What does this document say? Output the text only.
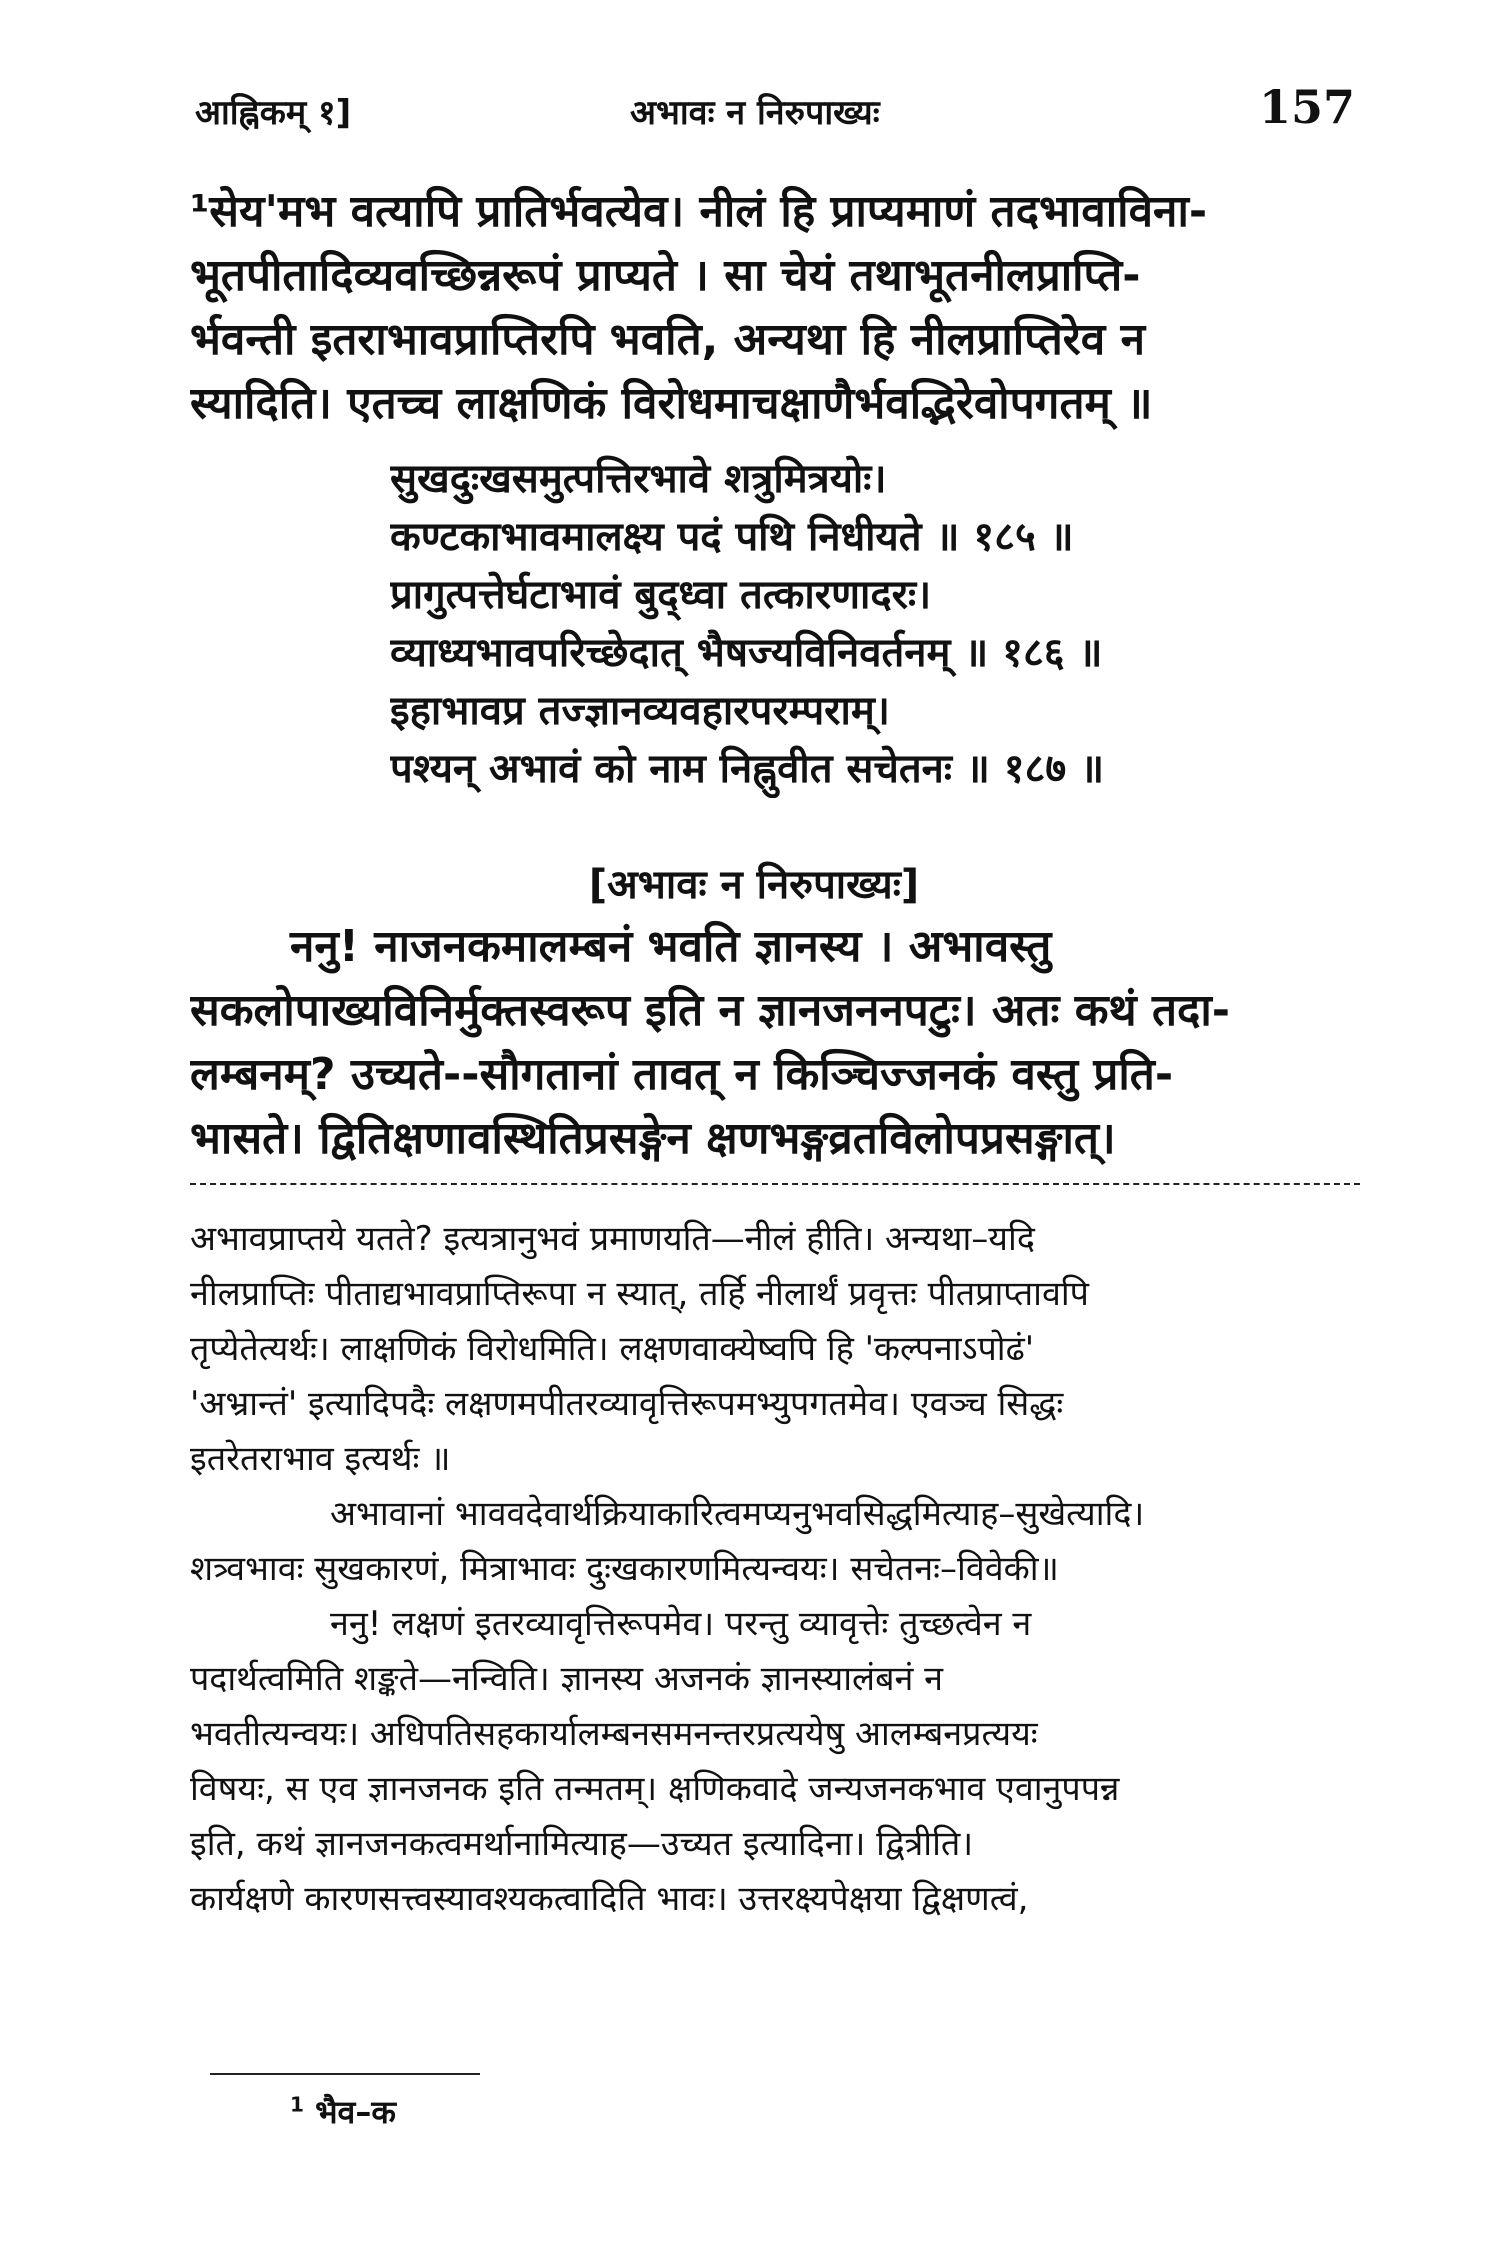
आह्निकम् १]	अभावः न निरुपाख्यः	157
¹सेय'मभ वत्यापि प्रातिर्भवत्येव। नीलं हि प्राप्यमाणं तदभावाविना-
भूतपीतादिव्यवच्छिन्नरूपं प्राप्यते । सा चेयं तथाभूतनीलप्राप्ति-
र्भवन्ती इतराभावप्राप्तिरपि भवति, अन्यथा हि नीलप्राप्तिरेव न
स्यादिति। एतच्च लाक्षणिकं विरोधमाचक्षाणैर्भवद्भिरेवोपगतम् ॥
सुखदुःखसमुत्पत्तिरभावे शत्रुमित्रयोः।
कण्टकाभावमालक्ष्य पदं पथि निधीयते ॥ १८५ ॥
प्रागुत्पत्तेर्घटाभावं बुद्ध्वा तत्कारणादरः।
व्याध्यभावपरिच्छेदात् भैषज्यविनिवर्तनम् ॥ १८६ ॥
इहाभावप्र तज्ज्ञानव्यवहारपरम्पराम्।
पश्यन् अभावं को नाम निह्नुवीत सचेतनः ॥ १८७ ॥
[अभावः न निरुपाख्यः]
ननु! नाजनकमालम्बनं भवति ज्ञानस्य । अभावस्तु
सकलोपाख्यविनिर्मुक्तस्वरूप इति न ज्ञानजननपटुः। अतः कथं तदा-
लम्बनम्? उच्यते--सौगतानां तावत् न किञ्चिज्जनकं वस्तु प्रति-
भासते। द्वितिक्षणावस्थितिप्रसङ्गेन क्षणभङ्गव्रतविलोपप्रसङ्गात्।
अभावप्राप्तये यतते? इत्यत्रानुभवं प्रमाणयति—नीलं हीति। अन्यथा–यदि
नीलप्राप्तिः पीताद्यभावप्राप्तिरूपा न स्यात्, तर्हि नीलार्थं प्रवृत्तः पीतप्राप्तावपि
तृप्येतेत्यर्थः। लाक्षणिकं विरोधमिति। लक्षणवाक्येष्वपि हि 'कल्पनाऽपोढं'
'अभ्रान्तं' इत्यादिपदैः लक्षणमपीतरव्यावृत्तिरूपमभ्युपगतमेव। एवञ्च सिद्धः
इतरेतराभाव इत्यर्थः ॥
अभावानां भाववदेवार्थक्रियाकारित्वमप्यनुभवसिद्धमित्याह–सुखेत्यादि।
शत्र्वभावः सुखकारणं, मित्राभावः दुःखकारणमित्यन्वयः। सचेतनः–विवेकी॥
ननु! लक्षणं इतरव्यावृत्तिरूपमेव। परन्तु व्यावृत्तेः तुच्छत्वेन न
पदार्थत्वमिति शङ्कते—नन्विति। ज्ञानस्य अजनकं ज्ञानस्यालंबनं न
भवतीत्यन्वयः। अधिपतिसहकार्यालम्बनसमनन्तरप्रत्ययेषु आलम्बनप्रत्ययः
विषयः, स एव ज्ञानजनक इति तन्मतम्। क्षणिकवादे जन्यजनकभाव एवानुपपन्न
इति, कथं ज्ञानजनकत्वमर्थानामित्याह—उच्यत इत्यादिना। द्वित्रीति।
कार्यक्षणे कारणसत्त्वस्यावश्यकत्वादिति भावः। उत्तरक्ष्यपेक्षया द्विक्षणत्वं,
$^1$ भैव–क
